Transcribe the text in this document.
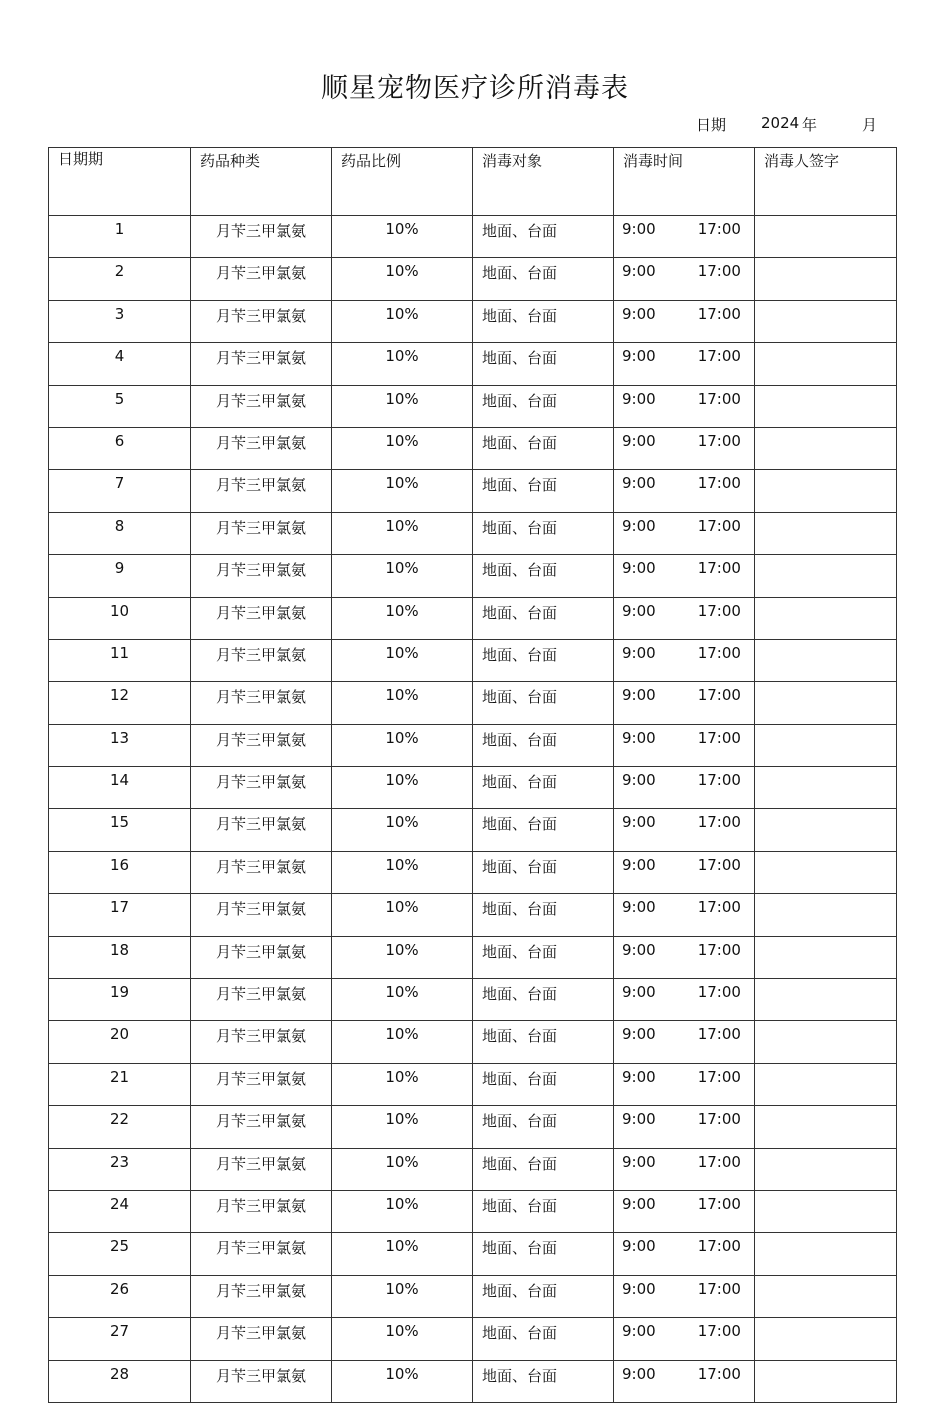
顺星宠物医疗诊所消毒表
日期 2024 年	月
日期期	药品种类	药品比例	消毒对象	消毒时间	消毒人签字
1	月苄三甲氯氨	10%	地面、台面	9:00 17:00	
2	月苄三甲氯氨	10%	地面、台面	9:00 17:00	
3	月苄三甲氯氨	10%	地面、台面	9:00 17:00	
4	月苄三甲氯氨	10%	地面、台面	9:00 17:00	
5	月苄三甲氯氨	10%	地面、台面	9:00 17:00	
6	月苄三甲氯氨	10%	地面、台面	9:00 17:00	
7	月苄三甲氯氨	10%	地面、台面	9:00 17:00	
8	月苄三甲氯氨	10%	地面、台面	9:00 17:00	
9	月苄三甲氯氨	10%	地面、台面	9:00 17:00	
10	月苄三甲氯氨	10%	地面、台面	9:00 17:00	
11	月苄三甲氯氨	10%	地面、台面	9:00 17:00	
12	月苄三甲氯氨	10%	地面、台面	9:00 17:00	
13	月苄三甲氯氨	10%	地面、台面	9:00 17:00	
14	月苄三甲氯氨	10%	地面、台面	9:00 17:00	
15	月苄三甲氯氨	10%	地面、台面	9:00 17:00	
16	月苄三甲氯氨	10%	地面、台面	9:00 17:00	
17	月苄三甲氯氨	10%	地面、台面	9:00 17:00	
18	月苄三甲氯氨	10%	地面、台面	9:00 17:00	
19	月苄三甲氯氨	10%	地面、台面	9:00 17:00	
20	月苄三甲氯氨	10%	地面、台面	9:00 17:00	
21	月苄三甲氯氨	10%	地面、台面	9:00 17:00	
22	月苄三甲氯氨	10%	地面、台面	9:00 17:00	
23	月苄三甲氯氨	10%	地面、台面	9:00 17:00	
24	月苄三甲氯氨	10%	地面、台面	9:00 17:00	
25	月苄三甲氯氨	10%	地面、台面	9:00 17:00	
26	月苄三甲氯氨	10%	地面、台面	9:00 17:00	
27	月苄三甲氯氨	10%	地面、台面	9:00 17:00	
28	月苄三甲氯氨	10%	地面、台面	9:00 17:00	
